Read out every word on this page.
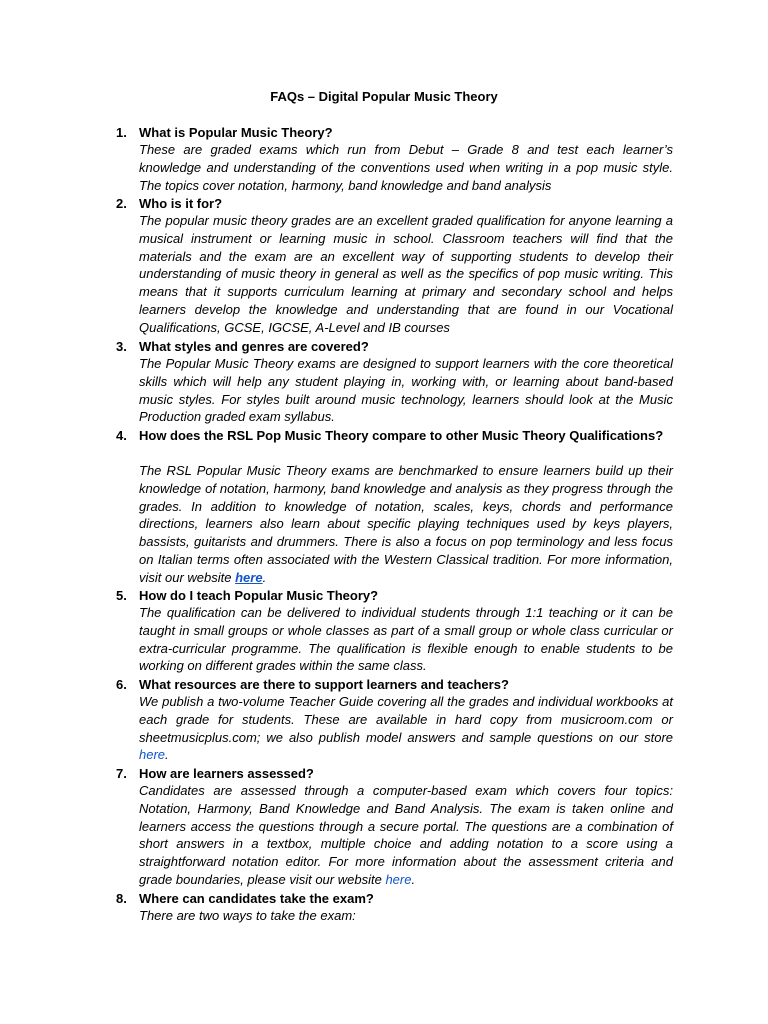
FAQs – Digital Popular Music Theory
1. What is Popular Music Theory?
These are graded exams which run from Debut – Grade 8 and test each learner’s knowledge and understanding of the conventions used when writing in a pop music style. The topics cover notation, harmony, band knowledge and band analysis
2. Who is it for?
The popular music theory grades are an excellent graded qualification for anyone learning a musical instrument or learning music in school. Classroom teachers will find that the materials and the exam are an excellent way of supporting students to develop their understanding of music theory in general as well as the specifics of pop music writing. This means that it supports curriculum learning at primary and secondary school and helps learners develop the knowledge and understanding that are found in our Vocational Qualifications, GCSE, IGCSE, A-Level and IB courses
3. What styles and genres are covered?
The Popular Music Theory exams are designed to support learners with the core theoretical skills which will help any student playing in, working with, or learning about band-based music styles. For styles built around music technology, learners should look at the Music Production graded exam syllabus.
4. How does the RSL Pop Music Theory compare to other Music Theory Qualifications?
The RSL Popular Music Theory exams are benchmarked to ensure learners build up their knowledge of notation, harmony, band knowledge and analysis as they progress through the grades. In addition to knowledge of notation, scales, keys, chords and performance directions, learners also learn about specific playing techniques used by keys players, bassists, guitarists and drummers. There is also a focus on pop terminology and less focus on Italian terms often associated with the Western Classical tradition. For more information, visit our website here.
5. How do I teach Popular Music Theory?
The qualification can be delivered to individual students through 1:1 teaching or it can be taught in small groups or whole classes as part of a small group or whole class curricular or extra-curricular programme. The qualification is flexible enough to enable students to be working on different grades within the same class.
6. What resources are there to support learners and teachers?
We publish a two-volume Teacher Guide covering all the grades and individual workbooks at each grade for students. These are available in hard copy from musicroom.com or sheetmusicplus.com; we also publish model answers and sample questions on our store here.
7. How are learners assessed?
Candidates are assessed through a computer-based exam which covers four topics: Notation, Harmony, Band Knowledge and Band Analysis. The exam is taken online and learners access the questions through a secure portal. The questions are a combination of short answers in a textbox, multiple choice and adding notation to a score using a straightforward notation editor. For more information about the assessment criteria and grade boundaries, please visit our website here.
8. Where can candidates take the exam?
There are two ways to take the exam:
